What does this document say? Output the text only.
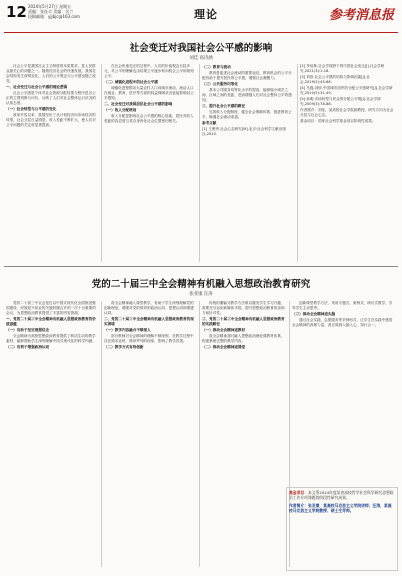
12 2024年5月27日 星期五
责编：张连丰 美编：吴兰
投稿邮箱：yjjbjc@163.com	理论	参考消息报
社会变迁对我国社会公平感的影响
刘佳 高诗涵

社会公平是我国社会主义制度的本质要求，是人民群众最关心的问题之一。随着经济社会的快速发展，我国社会结构发生深刻变化，人们的公平观念与公平感也随之改变。

一、社会变迁与社会公平感的理论逻辑

社会公平感是个体对社会资源分配结果与程序是否公正的主观判断与评价，反映了人们对社会整体运行状况的认知态度。

（一）社会转型与公平感的变化

改革开放以来，我国经历了从计划经济向市场经济的转型，社会分层日益明显，收入差距不断扩大，使人们对公平问题的关注度显著提高。

在社会快速变迁的过程中，人们的价值观念日趋多元，对公平的理解也由结果公平逐步转向机会公平和规则公平。

（二）城镇化进程中的社会公平感

城镇化进程推动大量农村人口向城市流动，流动人口在就业、教育、医疗等方面的权益保障状况直接影响其公平感知。

二、社会变迁对我国居民社会公平感的影响

（一）收入分配格局

收入分配是影响社会公平感的核心因素，居民对收入差距的容忍度与其自身所处社会位置密切相关。

（二）教育与流动

教育是促进社会流动的重要途径，教育机会的公平分配有助于提升居民的公平感，增强社会凝聚力。

（三）公共服务均等化

基本公共服务均等化水平的提高，能够缩小城乡之间、区域之间的差距，进而增强人们对社会整体公平的感知。

三、提升社会公平感的路径

完善收入分配制度，健全社会保障体系，推进教育公平，畅通社会流动渠道。

参考文献

[1] 王俊秀.社会心态研究[M].北京:社会科学文献出版社,2020.

[2] 李培林.社会学视野下的中国社会变迁[J].社会学研究,2021(3):1-18.

[3] 刘欣.社会公平感的结构与影响因素[J].社会,2019(2):45-68.

[4] 马磊,刘欣.中国城市居民的分配公平感研究[J].社会学研究,2010(5):31-49.

[5] 孙明.市场转型与民众的分配公平观[J].社会学研究,2009(3):78-88.

作者简介：刘佳，某高校社会学院副教授，研究方向为社会分层与社会心态。

基金项目：国家社会科学基金项目阶段性成果。

党的二十届三中全会精神有机融入思想政治教育研究
张亚康 汪涛

党的二十届三中全会是在以中国式现代化全面推进强国建设、民族复兴伟业的关键时期召开的一次十分重要的会议，为思想政治教育提供了丰富的内容资源。

一、党的二十届三中全会精神有机融入思想政治教育的价值意蕴

（一）有助于坚定理想信念

全会精神为高校思想政治教育提供了鲜活生动的教学素材，能够帮助学生深刻理解中国式现代化的科学内涵。

（二）有利于增强政治认同

将全会精神融入课堂教学，有助于学生深刻理解党的创新理论，增强对党的领导的政治认同、思想认同和情感认同。

二、党的二十届三中全会精神有机融入思想政治教育的现实困境

（一）教学内容融合不够深入

部分教师对全会精神的理解不够深刻，在教学过程中存在照本宣科、简单罗列的现象，影响了教学效果。

（二）教学方式有待创新

传统的灌输式教学方法难以激发学生学习兴趣，需要充分运用新媒体手段，提升思想政治教育的亲和力和针对性。

三、党的二十届三中全会精神有机融入思想政治教育的实践路径

（一）推动全会精神进教材

将全会精神及时融入思想政治理论课教材体系，构建系统完整的教学内容。

（二）推动全会精神进课堂

创新课堂教学方法，采用专题式、案例式、研讨式教学，引导学生主动思考。

（三）推动全会精神进头脑

通过社会实践、志愿服务等多种形式，让学生在实践中感悟全会精神的真理力量，真正做到入脑入心、知行合一。

基金项目：本文系2024年度某省高校哲学社会科学研究思想政治工作专项课题的阶段性研究成果。
作者简介：张亚康，某高校马克思主义学院讲师；汪涛，某高校马克思主义学院教授、硕士生导师。
